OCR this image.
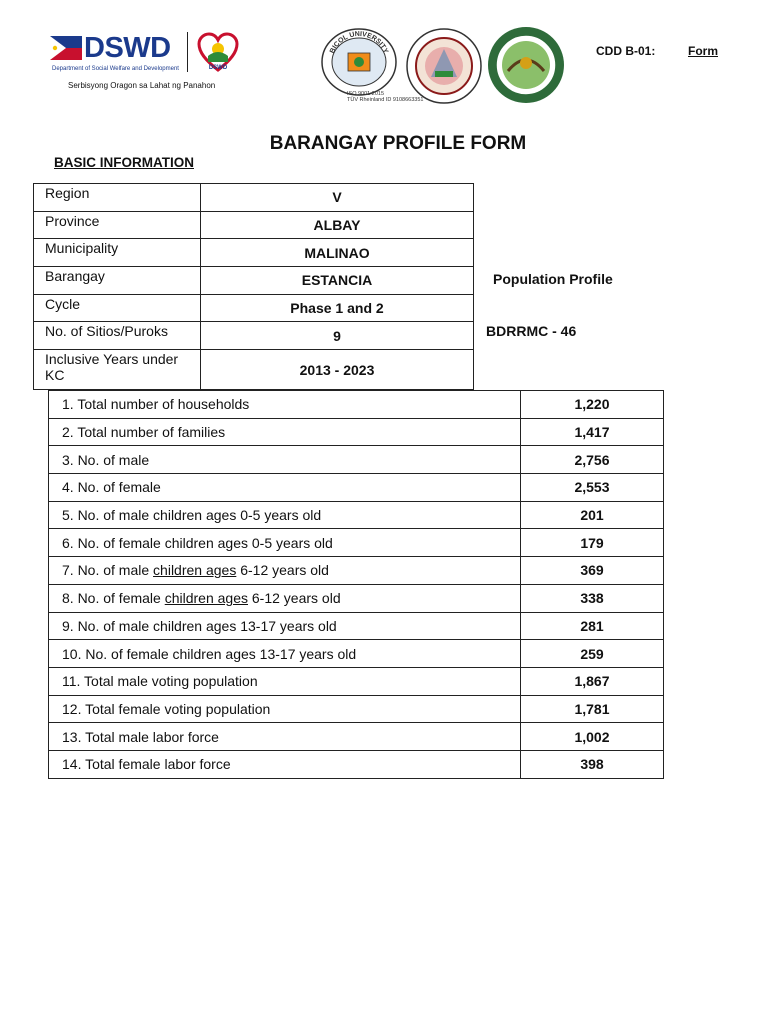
DSWD
Department of Social Welfare and Development	DSWD
Serbisyong Oragon sa Lahat ng Panahon
BICOL UNIVERSITY
ISO 9001:2015
TÜV Rheinland ID 9108663351
CDD B-01:	Form
BARANGAY PROFILE FORM
BASIC INFORMATION
Region	V
Province	ALBAY
Municipality	MALINAO
Barangay	ESTANCIA
Cycle	Phase 1 and 2
No. of Sitios/Puroks	9
Inclusive Years under KC	2013 - 2023
Population Profile
BDRRMC - 46
1. Total number of households	1,220
2. Total number of families	1,417
3. No. of male	2,756
4. No. of female	2,553
5. No. of male children ages 0-5 years old	201
6. No. of female children ages 0-5 years old	179
7. No. of male children ages 6-12 years old	369
8. No. of female children ages 6-12 years old	338
9. No. of male children ages 13-17 years old	281
10. No. of female children ages 13-17 years old	259
11. Total male voting population	1,867
12. Total female voting population	1,781
13. Total male labor force	1,002
14. Total female labor force	398
